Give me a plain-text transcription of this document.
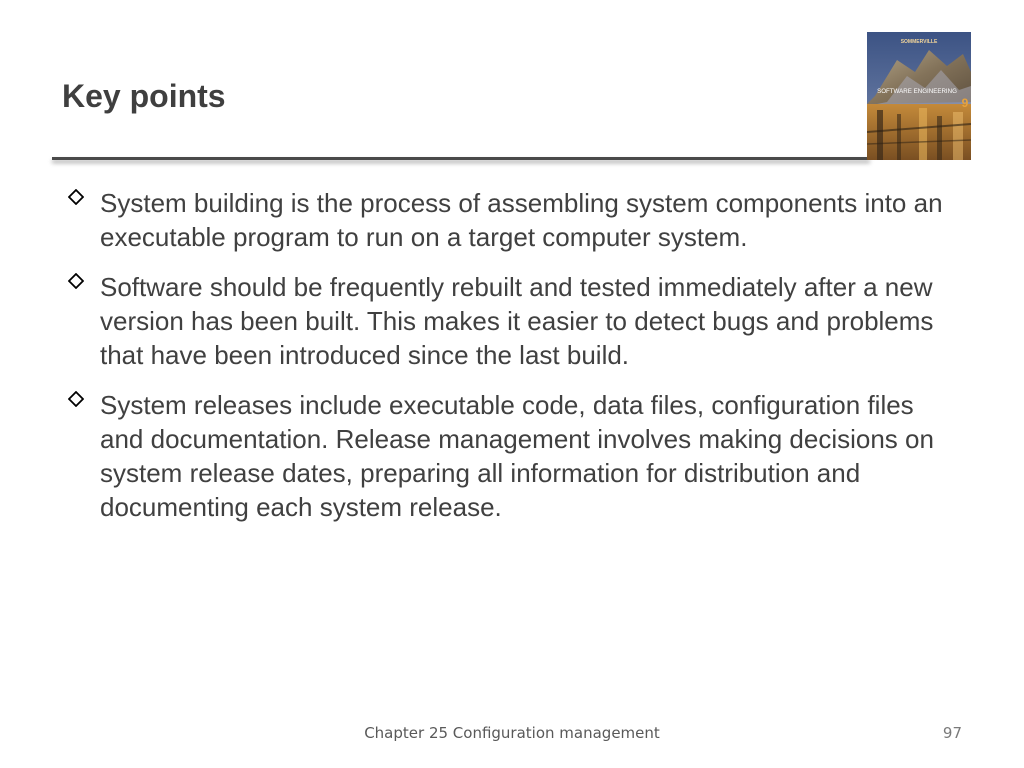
Key points
SOMMERVILLE
SOFTWARE ENGINEERING
9
System building is the process of assembling system components into an executable program to run on a target computer system.
Software should be frequently rebuilt and tested immediately after a new version has been built. This makes it easier to detect bugs and problems that have been introduced since the last build.
System releases include executable code, data files, configuration files and documentation. Release management involves making decisions on system release dates, preparing all information for distribution and documenting each system release.
Chapter 25 Configuration management	97
